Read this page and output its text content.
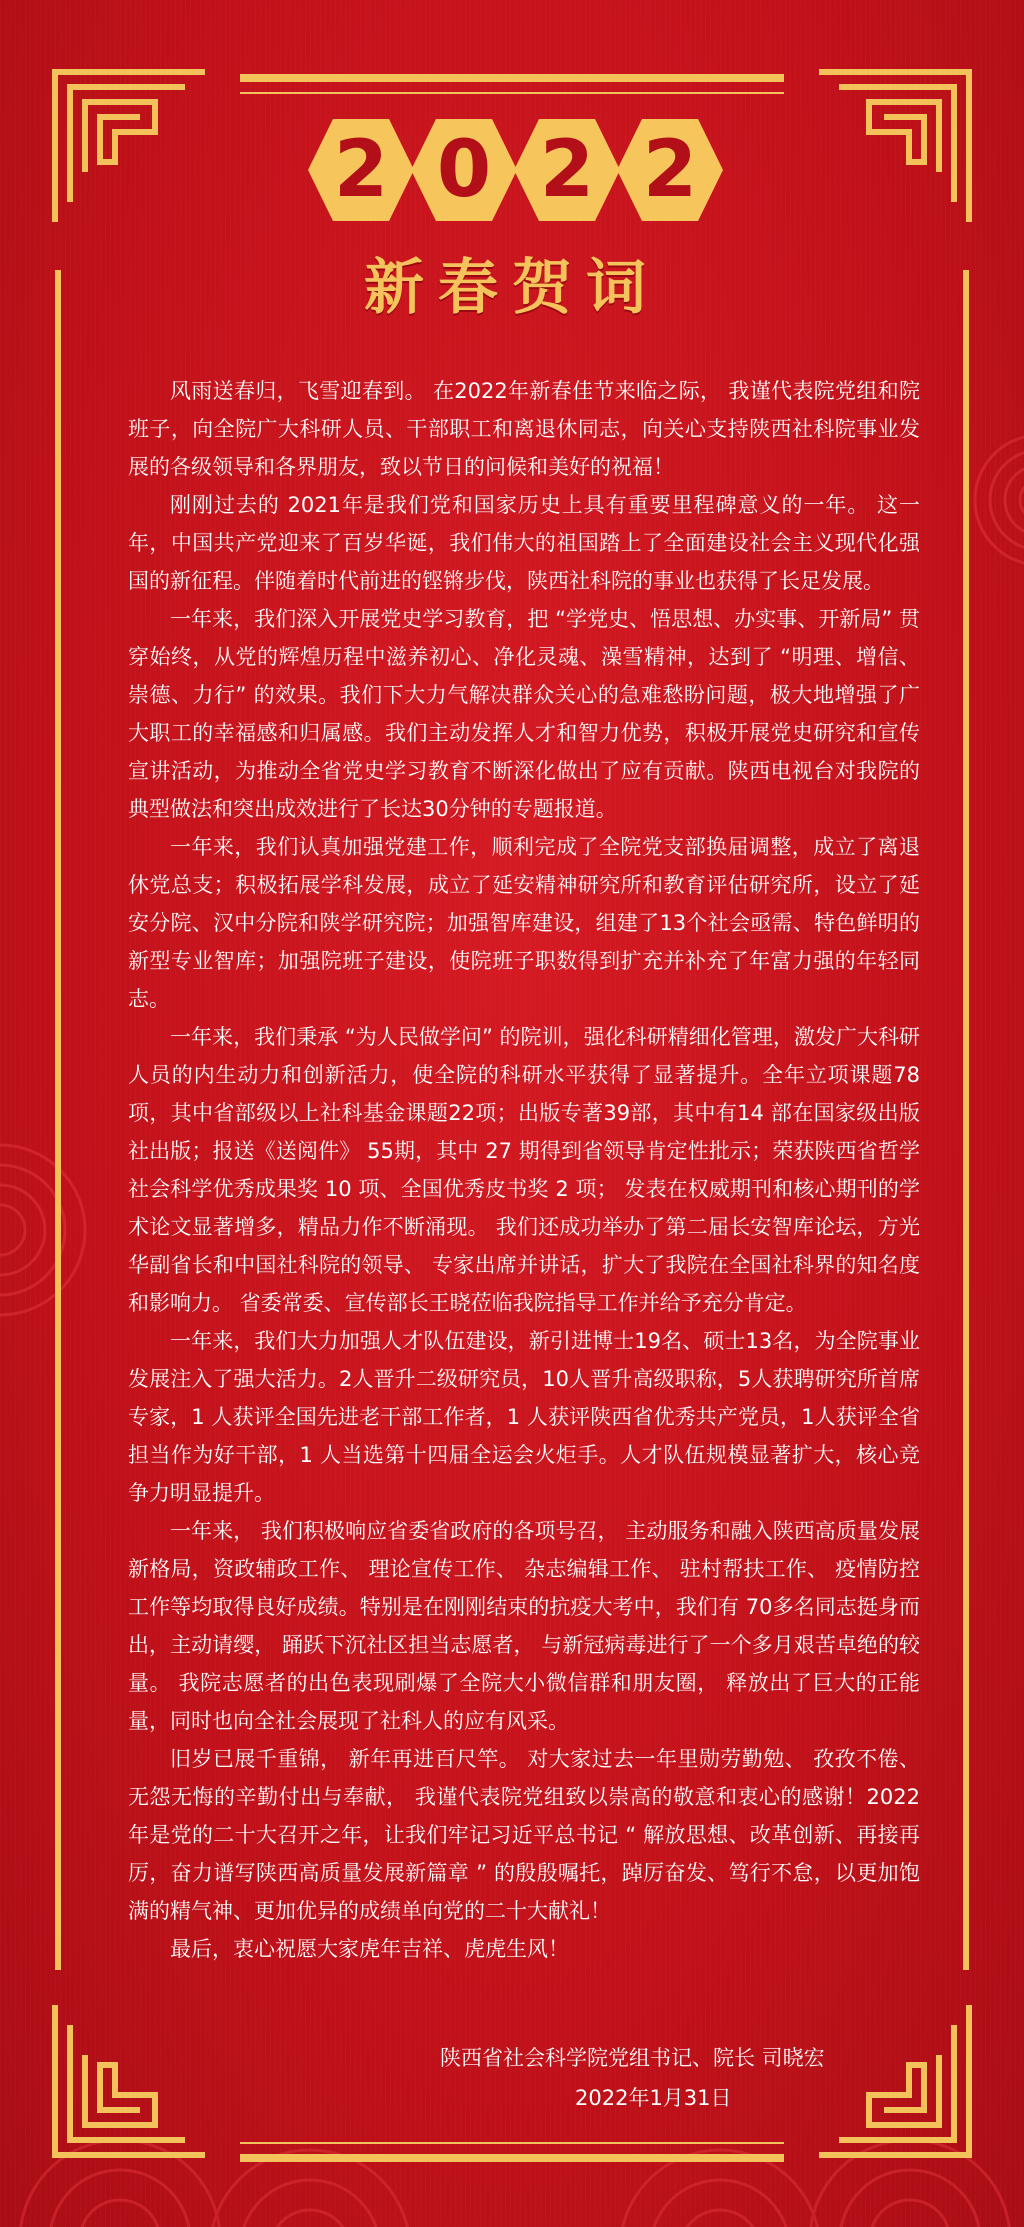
2 0 2 2
新春贺词

风雨送春归，飞雪迎春到。 在2022年新春佳节来临之际， 我谨代表院党组和院班子，向全院广大科研人员、干部职工和离退休同志，向关心支持陕西社科院事业发展的各级领导和各界朋友，致以节日的问候和美好的祝福！

刚刚过去的 2021年是我们党和国家历史上具有重要里程碑意义的一年。 这一年，中国共产党迎来了百岁华诞，我们伟大的祖国踏上了全面建设社会主义现代化强国的新征程。伴随着时代前进的铿锵步伐，陕西社科院的事业也获得了长足发展。

一年来，我们深入开展党史学习教育，把 “学党史、悟思想、办实事、开新局” 贯穿始终，从党的辉煌历程中滋养初心、净化灵魂、澡雪精神，达到了 “明理、增信、崇德、力行” 的效果。我们下大力气解决群众关心的急难愁盼问题，极大地增强了广大职工的幸福感和归属感。我们主动发挥人才和智力优势，积极开展党史研究和宣传宣讲活动，为推动全省党史学习教育不断深化做出了应有贡献。陕西电视台对我院的典型做法和突出成效进行了长达30分钟的专题报道。

一年来，我们认真加强党建工作，顺利完成了全院党支部换届调整，成立了离退休党总支；积极拓展学科发展，成立了延安精神研究所和教育评估研究所，设立了延安分院、汉中分院和陕学研究院；加强智库建设，组建了13个社会亟需、特色鲜明的新型专业智库；加强院班子建设，使院班子职数得到扩充并补充了年富力强的年轻同志。

一年来，我们秉承 “为人民做学问” 的院训，强化科研精细化管理，激发广大科研人员的内生动力和创新活力，使全院的科研水平获得了显著提升。全年立项课题78项，其中省部级以上社科基金课题22项；出版专著39部，其中有14 部在国家级出版社出版；报送《送阅件》 55期，其中 27 期得到省领导肯定性批示；荣获陕西省哲学社会科学优秀成果奖 10 项、全国优秀皮书奖 2 项； 发表在权威期刊和核心期刊的学术论文显著增多，精品力作不断涌现。 我们还成功举办了第二届长安智库论坛，方光华副省长和中国社科院的领导、 专家出席并讲话，扩大了我院在全国社科界的知名度和影响力。 省委常委、宣传部长王晓莅临我院指导工作并给予充分肯定。

一年来，我们大力加强人才队伍建设，新引进博士19名、硕士13名，为全院事业发展注入了强大活力。2人晋升二级研究员，10人晋升高级职称，5人获聘研究所首席专家，1 人获评全国先进老干部工作者，1 人获评陕西省优秀共产党员，1人获评全省担当作为好干部，1 人当选第十四届全运会火炬手。人才队伍规模显著扩大，核心竞争力明显提升。

一年来， 我们积极响应省委省政府的各项号召， 主动服务和融入陕西高质量发展新格局，资政辅政工作、 理论宣传工作、 杂志编辑工作、 驻村帮扶工作、 疫情防控工作等均取得良好成绩。特别是在刚刚结束的抗疫大考中，我们有 70多名同志挺身而出，主动请缨， 踊跃下沉社区担当志愿者， 与新冠病毒进行了一个多月艰苦卓绝的较量。 我院志愿者的出色表现刷爆了全院大小微信群和朋友圈， 释放出了巨大的正能量，同时也向全社会展现了社科人的应有风采。

旧岁已展千重锦， 新年再进百尺竿。 对大家过去一年里勋劳勤勉、 孜孜不倦、无怨无悔的辛勤付出与奉献， 我谨代表院党组致以崇高的敬意和衷心的感谢！2022年是党的二十大召开之年，让我们牢记习近平总书记 “ 解放思想、改革创新、再接再厉，奋力谱写陕西高质量发展新篇章 ” 的殷殷嘱托，踔厉奋发、笃行不怠，以更加饱满的精气神、更加优异的成绩单向党的二十大献礼！

最后，衷心祝愿大家虎年吉祥、虎虎生风！

陕西省社会科学院党组书记、院长 司晓宏
2022年1月31日
